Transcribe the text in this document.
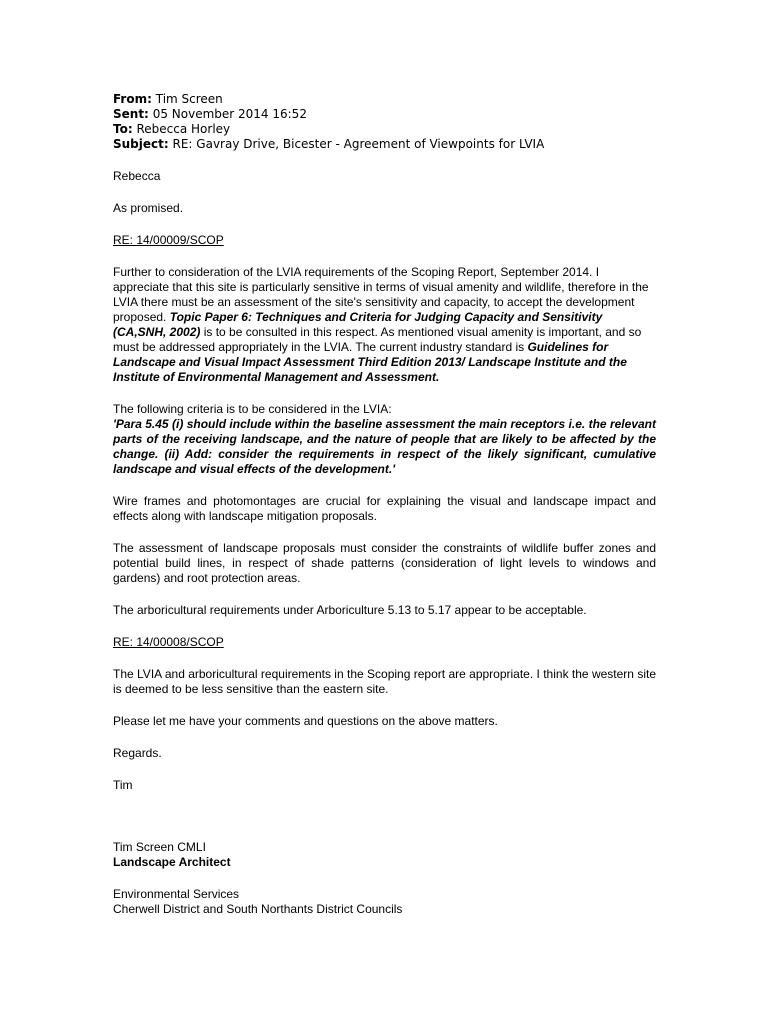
From: Tim Screen
Sent: 05 November 2014 16:52
To: Rebecca Horley
Subject: RE: Gavray Drive, Bicester - Agreement of Viewpoints for LVIA

Rebecca

As promised.

RE: 14/00009/SCOP

Further to consideration of the LVIA requirements of the Scoping Report, September 2014. I appreciate that this site is particularly sensitive in terms of visual amenity and wildlife, therefore in the LVIA there must be an assessment of the site's sensitivity and capacity, to accept the development proposed. Topic Paper 6: Techniques and Criteria for Judging Capacity and Sensitivity (CA,SNH, 2002) is to be consulted in this respect. As mentioned visual amenity is important, and so must be addressed appropriately in the LVIA. The current industry standard is Guidelines for Landscape and Visual Impact Assessment Third Edition 2013/ Landscape Institute and the Institute of Environmental Management and Assessment.

The following criteria is to be considered in the LVIA:

'Para 5.45 (i) should include within the baseline assessment the main receptors i.e. the relevant parts of the receiving landscape, and the nature of people that are likely to be affected by the change. (ii) Add: consider the requirements in respect of the likely significant, cumulative landscape and visual effects of the development.'

Wire frames and photomontages are crucial for explaining the visual and landscape impact and effects along with landscape mitigation proposals.

The assessment of landscape proposals must consider the constraints of wildlife buffer zones and potential build lines, in respect of shade patterns (consideration of light levels to windows and gardens) and root protection areas.

The arboricultural requirements under Arboriculture 5.13 to 5.17 appear to be acceptable.

RE: 14/00008/SCOP

The LVIA and arboricultural requirements in the Scoping report are appropriate. I think the western site is deemed to be less sensitive than the eastern site.

Please let me have your comments and questions on the above matters.

Regards.

Tim

Tim Screen CMLI

Landscape Architect

Environmental Services

Cherwell District and South Northants District Councils
